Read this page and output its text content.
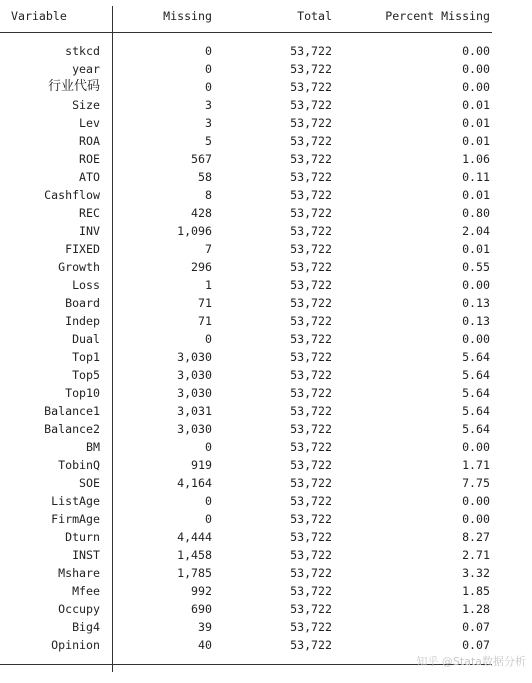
Variable	Missing	Total	Percent Missing
stkcd	0	53,722	0.00
year	0	53,722	0.00
行业代码	0	53,722	0.00
Size	3	53,722	0.01
Lev	3	53,722	0.01
ROA	5	53,722	0.01
ROE	567	53,722	1.06
ATO	58	53,722	0.11
Cashflow	8	53,722	0.01
REC	428	53,722	0.80
INV	1,096	53,722	2.04
FIXED	7	53,722	0.01
Growth	296	53,722	0.55
Loss	1	53,722	0.00
Board	71	53,722	0.13
Indep	71	53,722	0.13
Dual	0	53,722	0.00
Top1	3,030	53,722	5.64
Top5	3,030	53,722	5.64
Top10	3,030	53,722	5.64
Balance1	3,031	53,722	5.64
Balance2	3,030	53,722	5.64
BM	0	53,722	0.00
TobinQ	919	53,722	1.71
SOE	4,164	53,722	7.75
ListAge	0	53,722	0.00
FirmAge	0	53,722	0.00
Dturn	4,444	53,722	8.27
INST	1,458	53,722	2.71
Mshare	1,785	53,722	3.32
Mfee	992	53,722	1.85
Occupy	690	53,722	1.28
Big4	39	53,722	0.07
Opinion	40	53,722	0.07
知乎 @Stata数据分析
